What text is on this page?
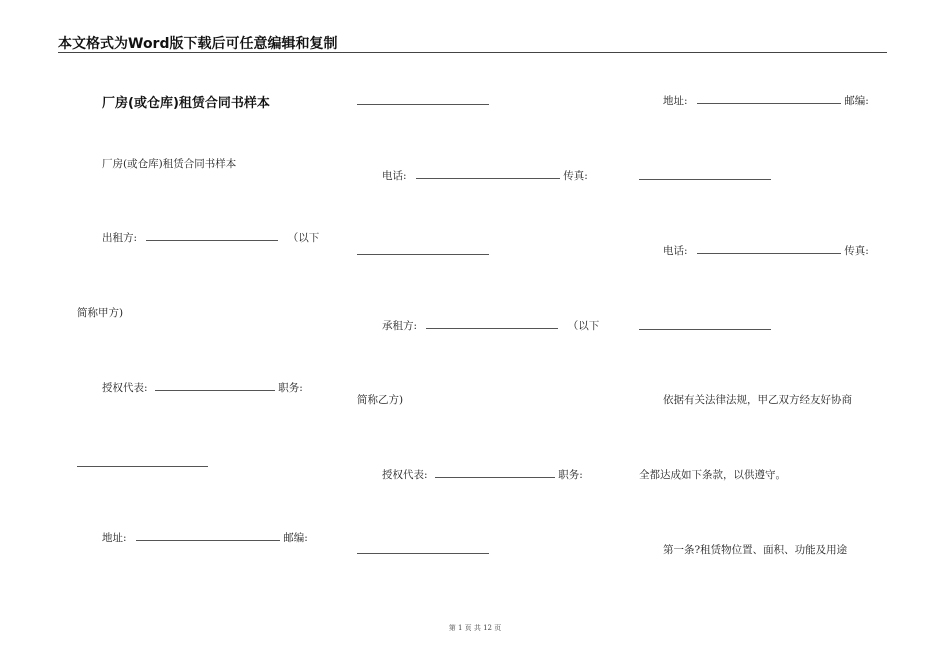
本文格式为Word版下载后可任意编辑和复制
厂房(或仓库)租赁合同书样本
厂房(或仓库)租赁合同书样本
出租方:	（以下
简称甲方)
授权代表:	职务:
地址:	邮编:
电话:	传真:
承租方:	（以下
简称乙方)
授权代表:	职务:
地址:	邮编:
电话:	传真:
依据有关法律法规，甲乙双方经友好协商
全都达成如下条款，以供遵守。
第一条?租赁物位置、面积、功能及用途
第 1 页 共 12 页
